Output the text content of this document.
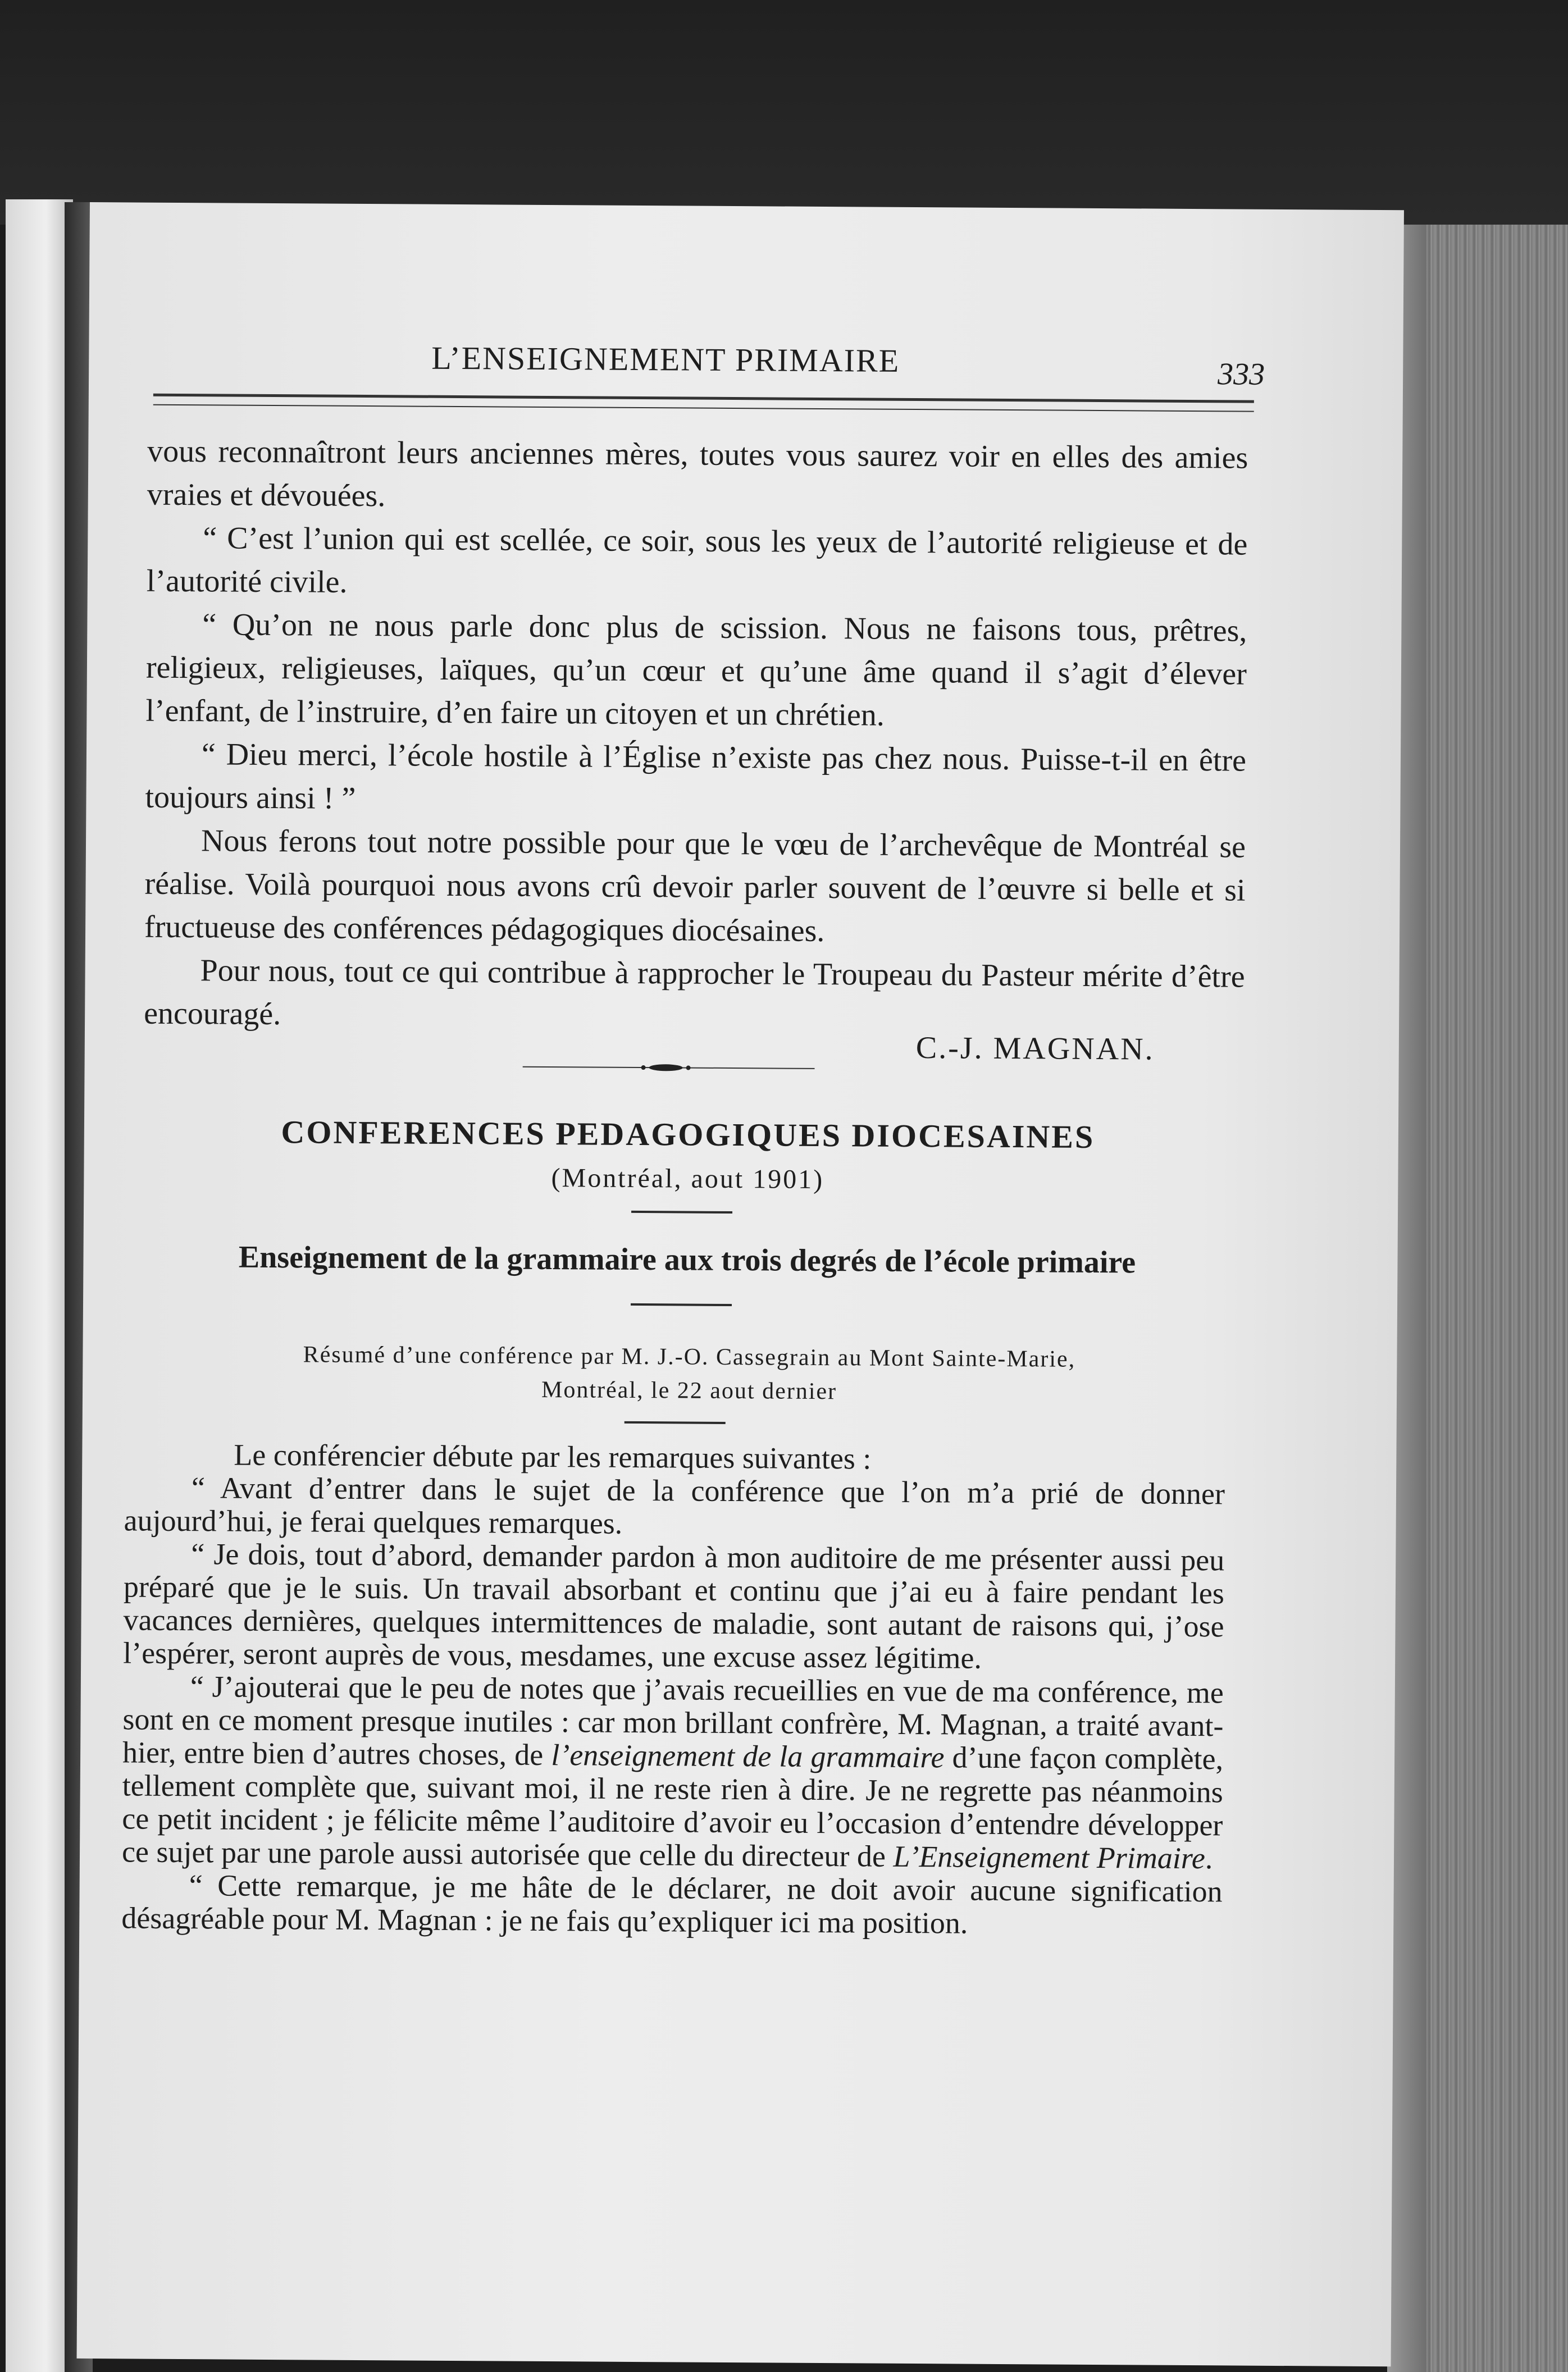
L’ENSEIGNEMENT PRIMAIRE	333

vous reconnaîtront leurs anciennes mères, toutes vous saurez voir en elles des amies vraies et dévouées.

“ C’est l’union qui est scellée, ce soir, sous les yeux de l’autorité religieuse et de l’autorité civile.

“ Qu’on ne nous parle donc plus de scission. Nous ne faisons tous, prêtres, religieux, religieuses, laïques, qu’un cœur et qu’une âme quand il s’agit d’élever l’enfant, de l’instruire, d’en faire un citoyen et un chrétien.

“ Dieu merci, l’école hostile à l’Église n’existe pas chez nous. Puisse-t-il en être toujours ainsi ! ”

Nous ferons tout notre possible pour que le vœu de l’archevêque de Montréal se réalise. Voilà pourquoi nous avons crû devoir parler souvent de l’œuvre si belle et si fructueuse des conférences pédagogiques diocésaines.

Pour nous, tout ce qui contribue à rapprocher le Troupeau du Pasteur mérite d’être encouragé.

C.-J. MAGNAN.
CONFERENCES PEDAGOGIQUES DIOCESAINES
(Montréal, aout 1901)
Enseignement de la grammaire aux trois degrés de l’école primaire
Résumé d’une conférence par M. J.-O. Cassegrain au Mont Sainte-Marie,
Montréal, le 22 aout dernier

Le conférencier débute par les remarques suivantes :

“ Avant d’entrer dans le sujet de la conférence que l’on m’a prié de donner aujourd’hui, je ferai quelques remarques.

“ Je dois, tout d’abord, demander pardon à mon auditoire de me présenter aussi peu préparé que je le suis. Un travail absorbant et continu que j’ai eu à faire pendant les vacances dernières, quelques intermittences de maladie, sont autant de raisons qui, j’ose l’espérer, seront auprès de vous, mesdames, une excuse assez légitime.

“ J’ajouterai que le peu de notes que j’avais recueillies en vue de ma conférence, me sont en ce moment presque inutiles : car mon brillant confrère, M. Magnan, a traité avant-hier, entre bien d’autres choses, de l’enseignement de la grammaire d’une façon complète, tellement complète que, suivant moi, il ne reste rien à dire. Je ne regrette pas néanmoins ce petit incident ; je félicite même l’auditoire d’avoir eu l’occasion d’entendre développer ce sujet par une parole aussi autorisée que celle du directeur de L’Enseignement Primaire.

“ Cette remarque, je me hâte de le déclarer, ne doit avoir aucune signification désagréable pour M. Magnan : je ne fais qu’expliquer ici ma position.
